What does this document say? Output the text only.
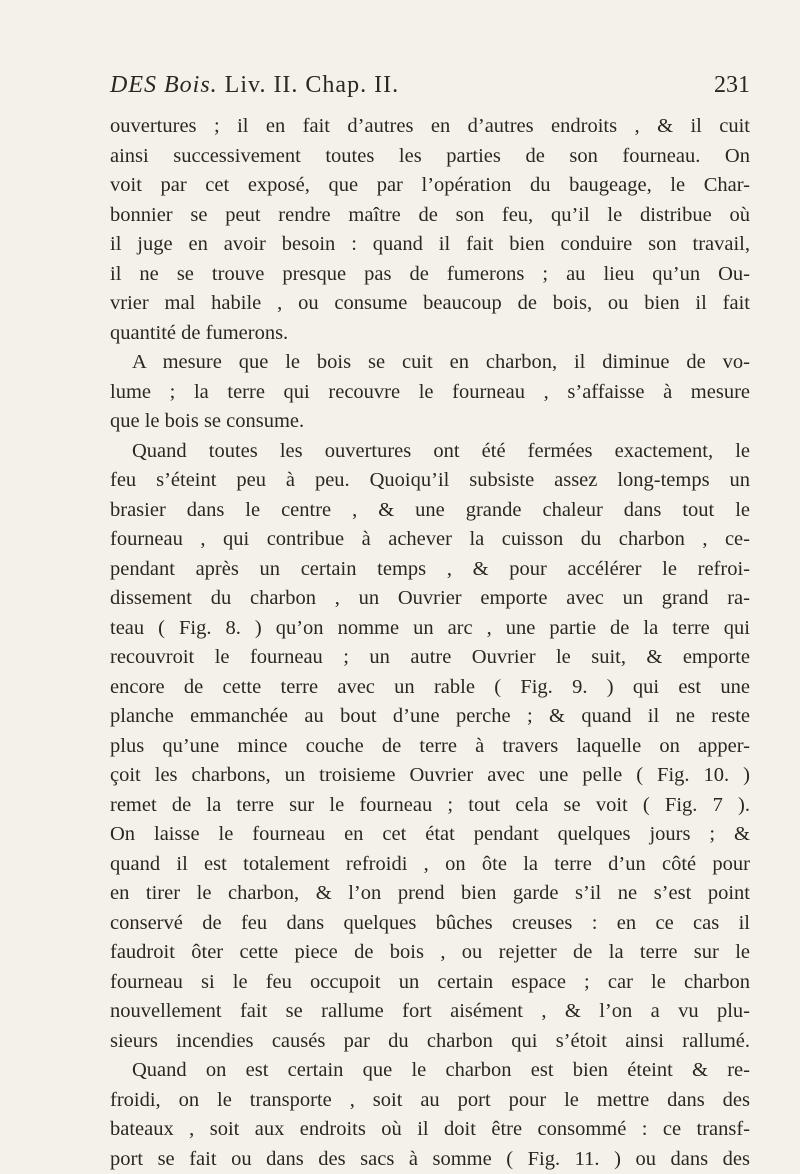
DES Bois. Liv. II. Chap. II.	231
ouvertures ; il en fait d’autres en d’autres endroits , & il cuit
ainsi successivement toutes les parties de son fourneau. On
voit par cet exposé, que par l’opération du baugeage, le Char-
bonnier se peut rendre maître de son feu, qu’il le distribue où
il juge en avoir besoin : quand il fait bien conduire son travail,
il ne se trouve presque pas de fumerons ; au lieu qu’un Ou-
vrier mal habile , ou consume beaucoup de bois, ou bien il fait
quantité de fumerons.
A mesure que le bois se cuit en charbon, il diminue de vo-
lume ; la terre qui recouvre le fourneau , s’affaisse à mesure
que le bois se consume.
Quand toutes les ouvertures ont été fermées exactement, le
feu s’éteint peu à peu. Quoiqu’il subsiste assez long-temps un
brasier dans le centre , & une grande chaleur dans tout le
fourneau , qui contribue à achever la cuisson du charbon , ce-
pendant après un certain temps , & pour accélérer le refroi-
dissement du charbon , un Ouvrier emporte avec un grand ra-
teau ( Fig. 8. ) qu’on nomme un arc , une partie de la terre qui
recouvroit le fourneau ; un autre Ouvrier le suit, & emporte
encore de cette terre avec un rable ( Fig. 9. ) qui est une
planche emmanchée au bout d’une perche ; & quand il ne reste
plus qu’une mince couche de terre à travers laquelle on apper-
çoit les charbons, un troisieme Ouvrier avec une pelle ( Fig. 10. )
remet de la terre sur le fourneau ; tout cela se voit ( Fig. 7 ).
On laisse le fourneau en cet état pendant quelques jours ; &
quand il est totalement refroidi , on ôte la terre d’un côté pour
en tirer le charbon, & l’on prend bien garde s’il ne s’est point
conservé de feu dans quelques bûches creuses : en ce cas il
faudroit ôter cette piece de bois , ou rejetter de la terre sur le
fourneau si le feu occupoit un certain espace ; car le charbon
nouvellement fait se rallume fort aisément , & l’on a vu plu-
sieurs incendies causés par du charbon qui s’étoit ainsi rallumé.
Quand on est certain que le charbon est bien éteint & re-
froidi, on le transporte , soit au port pour le mettre dans des
bateaux , soit aux endroits où il doit être consommé : ce transf-
port se fait ou dans des sacs à somme ( Fig. 11. ) ou dans des
